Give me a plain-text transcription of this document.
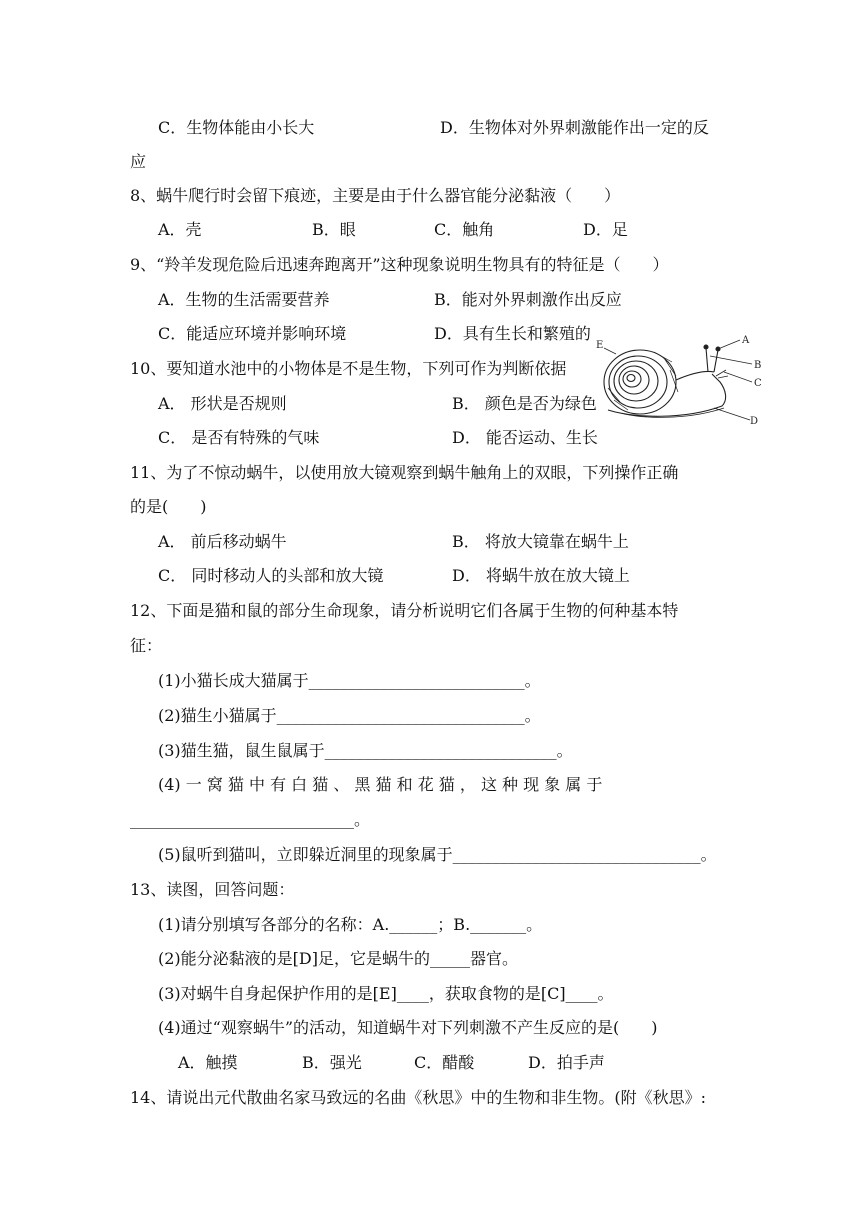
C．生物体能由小长大	D．生物体对外界刺激能作出一定的反
应
8、蜗牛爬行时会留下痕迹，主要是由于什么器官能分泌黏液（　　）
A．壳	B．眼	C．触角	D．足
9、“羚羊发现危险后迅速奔跑离开”这种现象说明生物具有的特征是（　　）
A．生物的生活需要营养	B．能对外界刺激作出反应
C．能适应环境并影响环境	D．具有生长和繁殖的
10、要知道水池中的小物体是不是生物，下列可作为判断依据
A． 形状是否规则	B． 颜色是否为绿色
C． 是否有特殊的气味	D． 能否运动、生长
A
B
C
D
E
11、为了不惊动蜗牛，以使用放大镜观察到蜗牛触角上的双眼，下列操作正确
的是(　　)
A． 前后移动蜗牛	B． 将放大镜靠在蜗牛上
C． 同时移动人的头部和放大镜	D． 将蜗牛放在放大镜上
12、下面是猫和鼠的部分生命现象，请分析说明它们各属于生物的何种基本特
征：
(1)小猫长成大猫属于___________________________。
(2)猫生小猫属于_______________________________。
(3)猫生猫，鼠生鼠属于_____________________________。
(4) 一 窝 猫 中 有 白 猫 、 黑 猫 和 花 猫 ， 这 种 现 象 属 于
____________________________。
(5)鼠听到猫叫，立即躲近洞里的现象属于_______________________________。
13、读图，回答问题：
(1)请分别填写各部分的名称：A.______；B._______。
(2)能分泌黏液的是[D]足，它是蜗牛的_____器官。
(3)对蜗牛自身起保护作用的是[E]____，获取食物的是[C]____。
(4)通过“观察蜗牛”的活动，知道蜗牛对下列刺激不产生反应的是(　　)
A．触摸	B．强光	C．醋酸	D．拍手声
14、请说出元代散曲名家马致远的名曲《秋思》中的生物和非生物。(附《秋思》:
